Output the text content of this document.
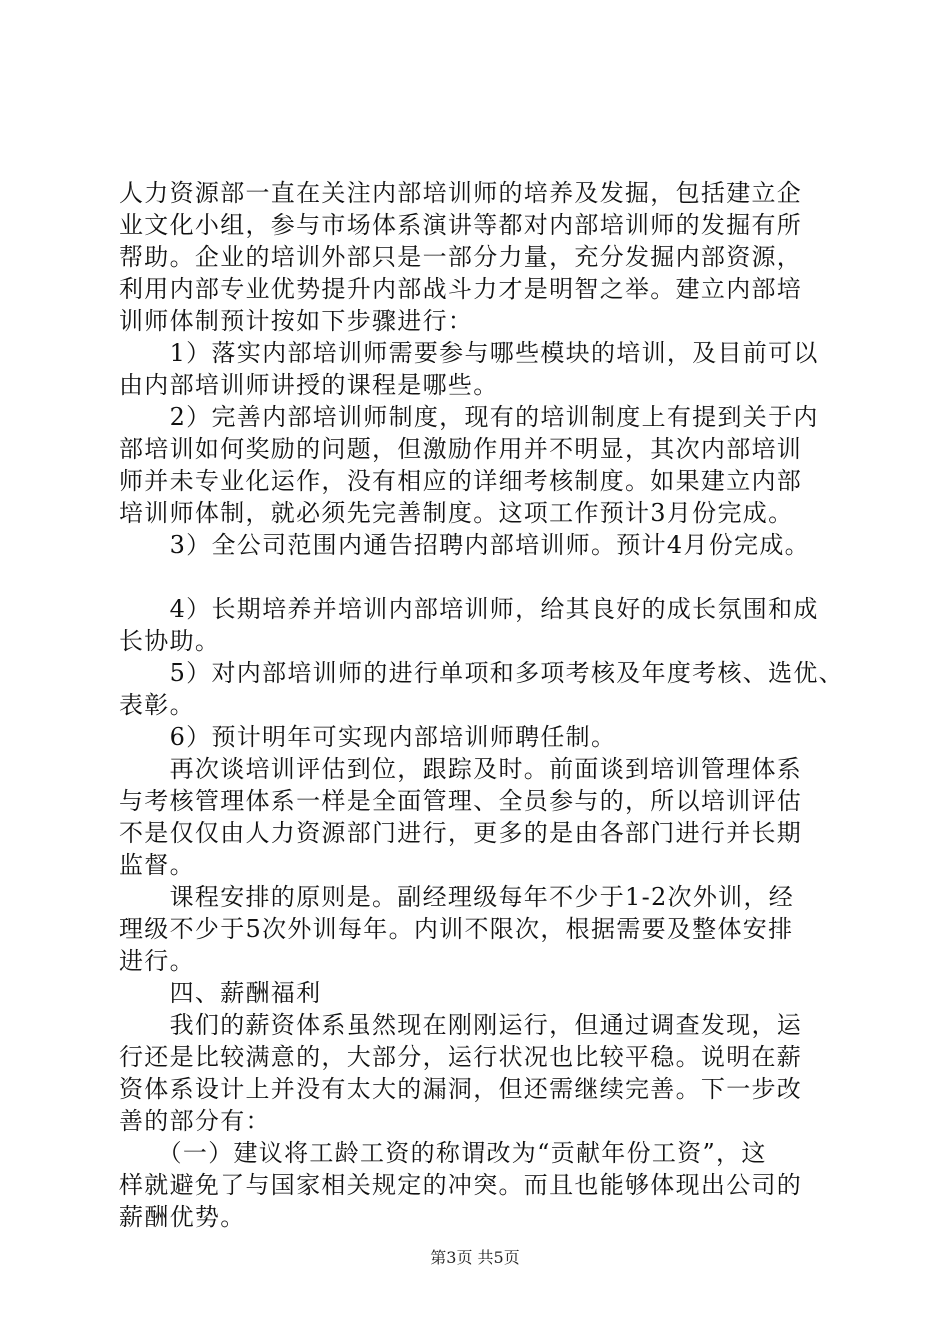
人力资源部一直在关注内部培训师的培养及发掘，包括建立企
业文化小组，参与市场体系演讲等都对内部培训师的发掘有所
帮助。企业的培训外部只是一部分力量，充分发掘内部资源，
利用内部专业优势提升内部战斗力才是明智之举。建立内部培
训师体制预计按如下步骤进行：
　　1）落实内部培训师需要参与哪些模块的培训，及目前可以
由内部培训师讲授的课程是哪些。
　　2）完善内部培训师制度，现有的培训制度上有提到关于内
部培训如何奖励的问题，但激励作用并不明显，其次内部培训
师并未专业化运作，没有相应的详细考核制度。如果建立内部
培训师体制，就必须先完善制度。这项工作预计3月份完成。
　　3）全公司范围内通告招聘内部培训师。预计4月份完成。
　　4）长期培养并培训内部培训师，给其良好的成长氛围和成
长协助。
　　5）对内部培训师的进行单项和多项考核及年度考核、选优、
表彰。
　　6）预计明年可实现内部培训师聘任制。
　　再次谈培训评估到位，跟踪及时。前面谈到培训管理体系
与考核管理体系一样是全面管理、全员参与的，所以培训评估
不是仅仅由人力资源部门进行，更多的是由各部门进行并长期
监督。
　　课程安排的原则是。副经理级每年不少于1-2次外训，经
理级不少于5次外训每年。内训不限次，根据需要及整体安排
进行。
　　四、薪酬福利
　　我们的薪资体系虽然现在刚刚运行，但通过调查发现，运
行还是比较满意的，大部分，运行状况也比较平稳。说明在薪
资体系设计上并没有太大的漏洞，但还需继续完善。下一步改
善的部分有：
　　（一）建议将工龄工资的称谓改为“贡献年份工资”，这
样就避免了与国家相关规定的冲突。而且也能够体现出公司的
薪酬优势。
第3页 共5页
